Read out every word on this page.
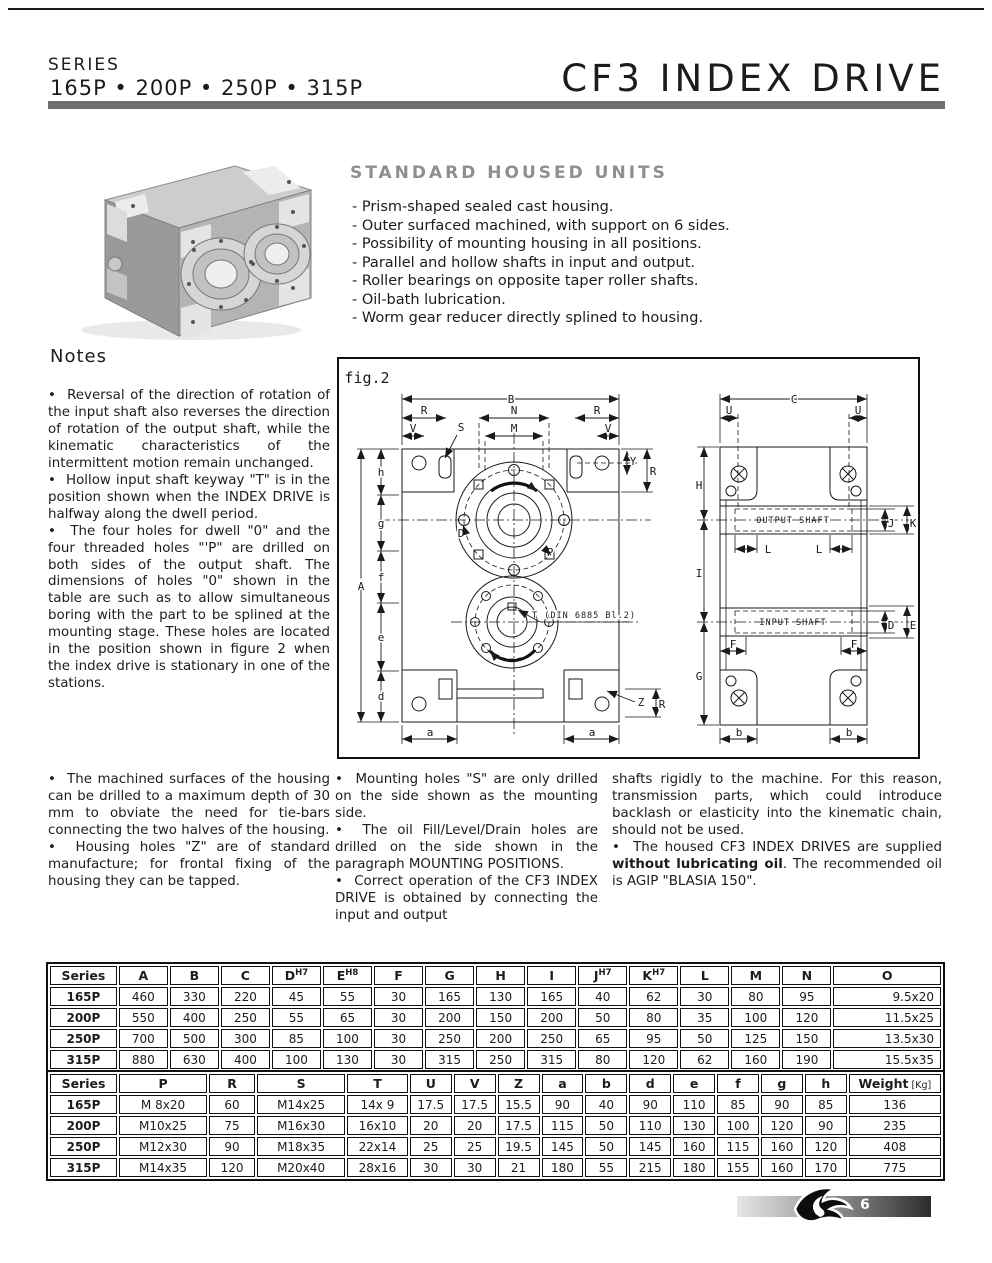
SERIES
165P • 200P • 250P • 315P	CF3 INDEX DRIVE
STANDARD HOUSED UNITS
- Prism-shaped sealed cast housing.
- Outer surfaced machined, with support on 6 sides.
- Possibility of mounting housing in all positions.
- Parallel and hollow shafts in input and output.
- Roller bearings on opposite taper roller shafts.
- Oil-bath lubrication.
- Worm gear reducer directly splined to housing.
Notes

•  Reversal of the direction of rotation of the input shaft also reverses the direction of rotation of the output shaft, while the kinematic characteristics of the intermittent motion remain unchanged.

•  Hollow input shaft keyway "T" is in the position shown when the INDEX DRIVE is halfway along the dwell period.

•  The four holes for dwell "0" and the four threaded holes "'P" are drilled on both sides of the output shaft. The dimensions of holes "0" shown in the table are such as to allow simultaneous boring with the part to be splined at the mounting stage. These holes are located in the position shown in figure 2 when the index drive is stationary in one of the stations.

fig.2
B
R	N	R
V	M	V
S
Y
R
A
h
g
f
e
d
a	a
D
P
T (DIN 6885 Bl.2)
Z R
OUTPUT SHAFT
INPUT SHAFT
C
U	U
H
I
G
J K
L	L
D E
F	F
b	b

•  The machined surfaces of the housing can be drilled to a maximum depth of 30 mm to obviate the need for tie-bars connecting the two halves of the housing.

•  Housing holes "Z" are of standard manufacture; for frontal fixing of the housing they can be tapped.

•  Mounting holes "S" are only drilled on the side shown as the mounting side.

•  The oil Fill/Level/Drain holes are drilled on the side shown in the paragraph MOUNTING POSITIONS.

•  Correct operation of the CF3 INDEX DRIVE is obtained by connecting the input and output

shafts rigidly to the machine. For this reason, transmission parts, which could introduce backlash or elasticity into the kinematic chain, should not be used.

•  The housed CF3 INDEX DRIVES are supplied without lubricating oil. The recommended oil is AGIP "BLASIA 150".

Series	A	B	C	$D^{H7}$	$E^{H8}$	F	G	H	I	$J^{H7}$	$K^{H7}$	L	M	N	O
165P	460	330	220	45	55	30	165	130	165	40	62	30	80	95	9.5x20
200P	550	400	250	55	65	30	200	150	200	50	80	35	100	120	11.5x25
250P	700	500	300	85	100	30	250	200	250	65	95	50	125	150	13.5x30
315P	880	630	400	100	130	30	315	250	315	80	120	62	160	190	15.5x35
Series	P	R	S	T	U	V	Z	a	b	d	e	f	g	h	Weight [Kg]
165P	M 8x20	60	M14x25	14x 9	17.5	17.5	15.5	90	40	90	110	85	90	85	136
200P	M10x25	75	M16x30	16x10	20	20	17.5	115	50	110	130	100	120	90	235
250P	M12x30	90	M18x35	22x14	25	25	19.5	145	50	145	160	115	160	120	408
315P	M14x35	120	M20x40	28x16	30	30	21	180	55	215	180	155	160	170	775
6
